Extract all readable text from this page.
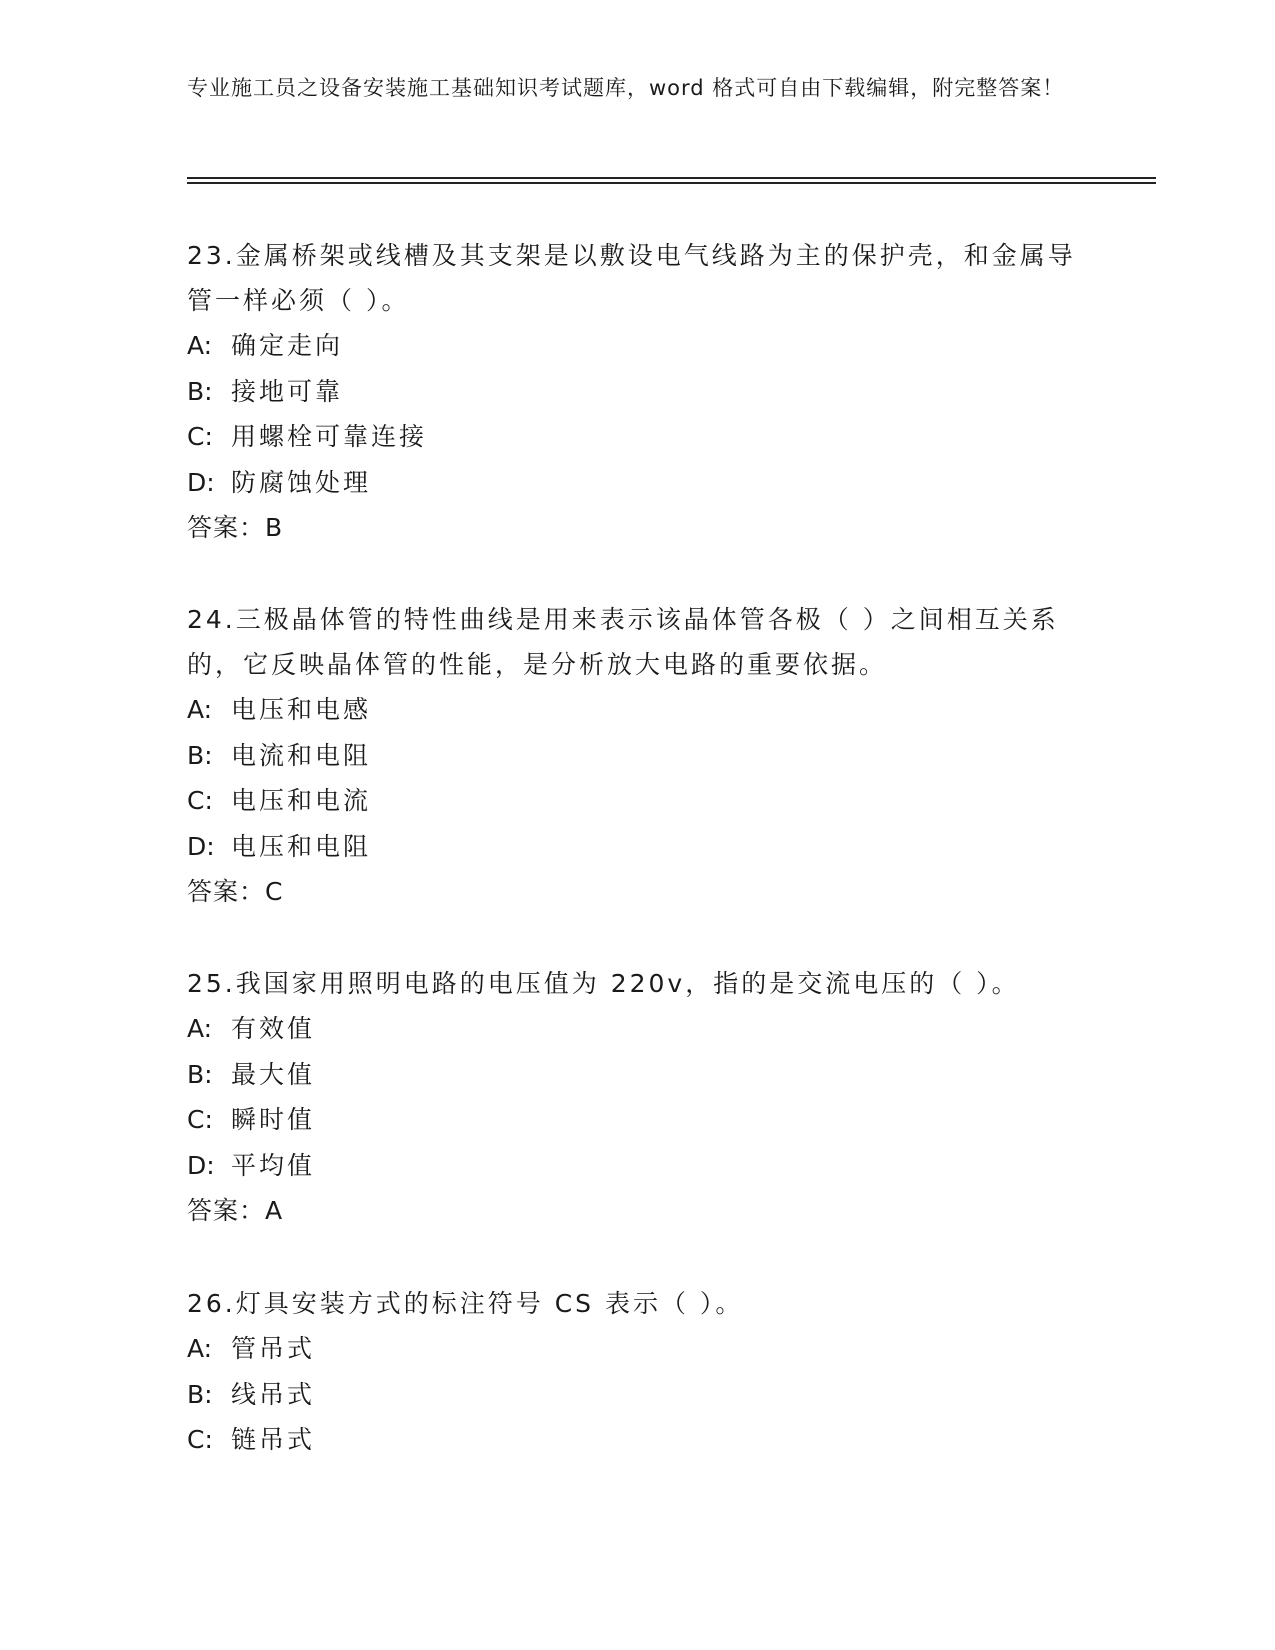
专业施工员之设备安装施工基础知识考试题库，word 格式可自由下载编辑，附完整答案！

23.金属桥架或线槽及其支架是以敷设电气线路为主的保护壳，和金属导管一样必须（ ）。

A: 确定走向
B: 接地可靠
C: 用螺栓可靠连接
D: 防腐蚀处理
答案：B

24.三极晶体管的特性曲线是用来表示该晶体管各极（ ）之间相互关系的，它反映晶体管的性能，是分析放大电路的重要依据。

A: 电压和电感
B: 电流和电阻
C: 电压和电流
D: 电压和电阻
答案：C

25.我国家用照明电路的电压值为 220v，指的是交流电压的（ ）。

A: 有效值
B: 最大值
C: 瞬时值
D: 平均值
答案：A

26.灯具安装方式的标注符号 CS 表示（ ）。

A: 管吊式
B: 线吊式
C: 链吊式
